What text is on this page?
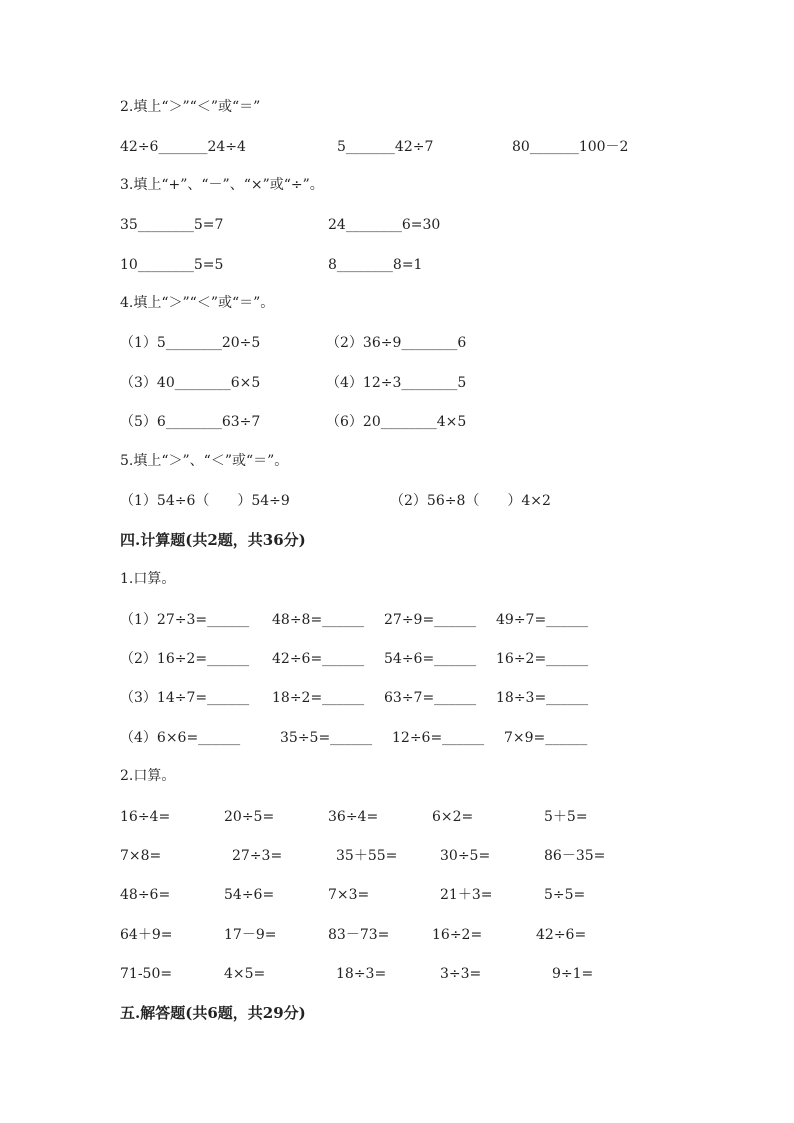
2.填上“＞”“＜”或“＝”
42÷6_______24÷4	5_______42÷7	80_______100－2
3.填上“+”、“－”、“×”或“÷”。
35________5=7	24________6=30
10________5=5	8________8=1
4.填上“＞”“＜”或“＝”。
（1）5________20÷5	（2）36÷9________6
（3）40________6×5	（4）12÷3________5
（5）6________63÷7	（6）20________4×5
5.填上“＞”、“＜”或“＝”。
（1）54÷6（　　）54÷9	（2）56÷8（　　）4×2
四.计算题(共2题，共36分)
1.口算。
（1）27÷3=______ 48÷8=______ 27÷9=______ 49÷7=______
（2）16÷2=______ 42÷6=______ 54÷6=______ 16÷2=______
（3）14÷7=______ 18÷2=______ 63÷7=______ 18÷3=______
（4）6×6=______	35÷5=______ 12÷6=______ 7×9=______
2.口算。
16÷4=	20÷5=	36÷4=	6×2=	5＋5=
7×8=	27÷3=	35＋55=	30÷5=	86－35=
48÷6=	54÷6=	7×3=	21＋3=	5÷5=
64＋9=	17－9=	83－73=	16÷2=	42÷6=
71-50=	4×5=	18÷3=	3÷3=	9÷1=
五.解答题(共6题，共29分)
